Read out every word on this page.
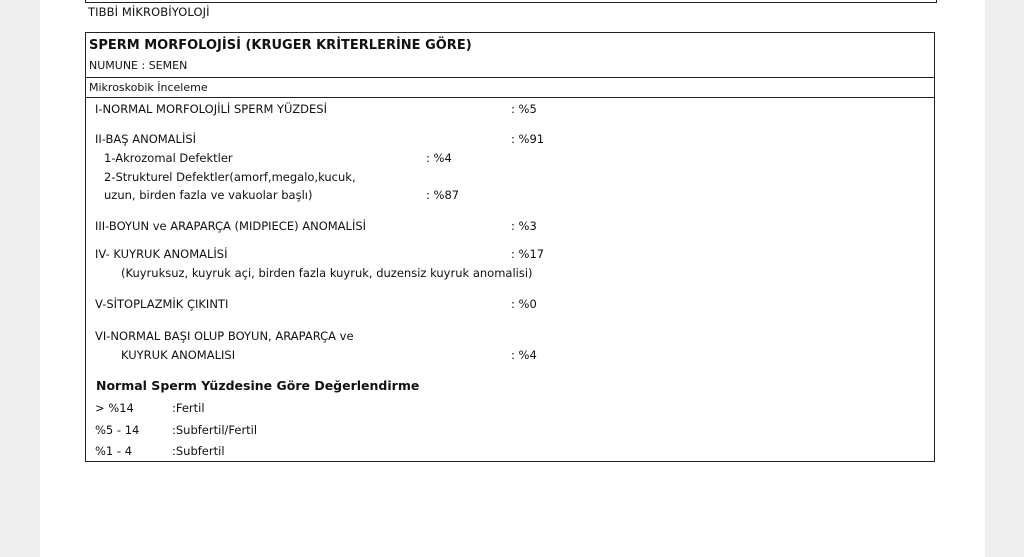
TIBBİ MİKROBİYOLOJİ
SPERM MORFOLOJİSİ (KRUGER KRİTERLERİNE GÖRE)
NUMUNE : SEMEN
Mikroskobik İnceleme
I-NORMAL MORFOLOJİLİ SPERM YÜZDESİ	: %5
II-BAŞ ANOMALİSİ	: %91
1-Akrozomal Defektler	: %4
2-Strukturel Defektler(amorf,megalo,kucuk,
uzun, birden fazla ve vakuolar başlı)	: %87
III-BOYUN ve ARAPARÇA (MIDPIECE) ANOMALİSİ	: %3
IV- KUYRUK ANOMALİSİ	: %17
(Kuyruksuz, kuyruk açi, birden fazla kuyruk, duzensiz kuyruk anomalisi)
V-SİTOPLAZMİK ÇIKINTI	: %0
VI-NORMAL BAŞI OLUP BOYUN, ARAPARÇA ve
KUYRUK ANOMALISI	: %4
Normal Sperm Yüzdesine Göre Değerlendirme
> %14	:Fertil
%5 - 14	:Subfertil/Fertil
%1 - 4	:Subfertil
